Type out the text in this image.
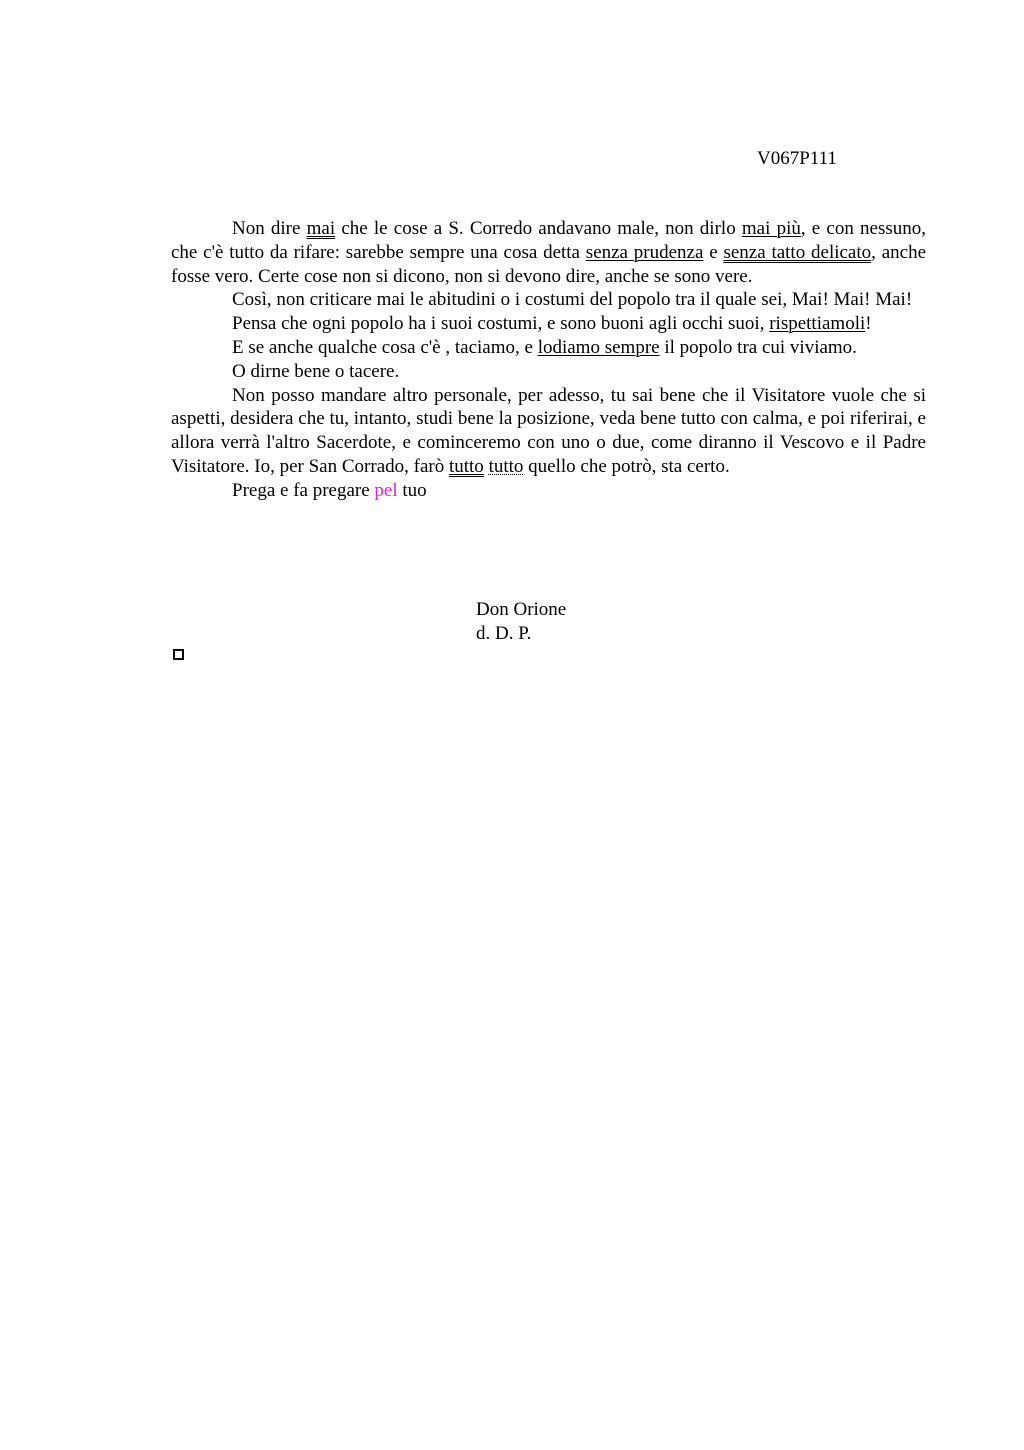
V067P111

Non dire mai che le cose a S. Corredo andavano male, non dirlo mai più, e con nessuno, che c'è tutto da rifare: sarebbe sempre una cosa detta senza prudenza e senza tatto delicato, anche fosse vero. Certe cose non si dicono, non si devono dire, anche se sono vere.

Così, non criticare mai le abitudini o i costumi del popolo tra il quale sei, Mai! Mai! Mai!

Pensa che ogni popolo ha i suoi costumi, e sono buoni agli occhi suoi, rispettiamoli!

E se anche qualche cosa c'è , taciamo, e lodiamo sempre il popolo tra cui viviamo.

O dirne bene o tacere.

Non posso mandare altro personale, per adesso, tu sai bene che il Visitatore vuole che si aspetti, desidera che tu, intanto, studi bene la posizione, veda bene tutto con calma, e poi riferirai, e allora verrà l'altro Sacerdote, e cominceremo con uno o due, come diranno il Vescovo e il Padre Visitatore. Io, per San Corrado, farò tutto tutto quello che potrò, sta certo.

Prega e fa pregare pel tuo

Don Orione
d. D. P.
